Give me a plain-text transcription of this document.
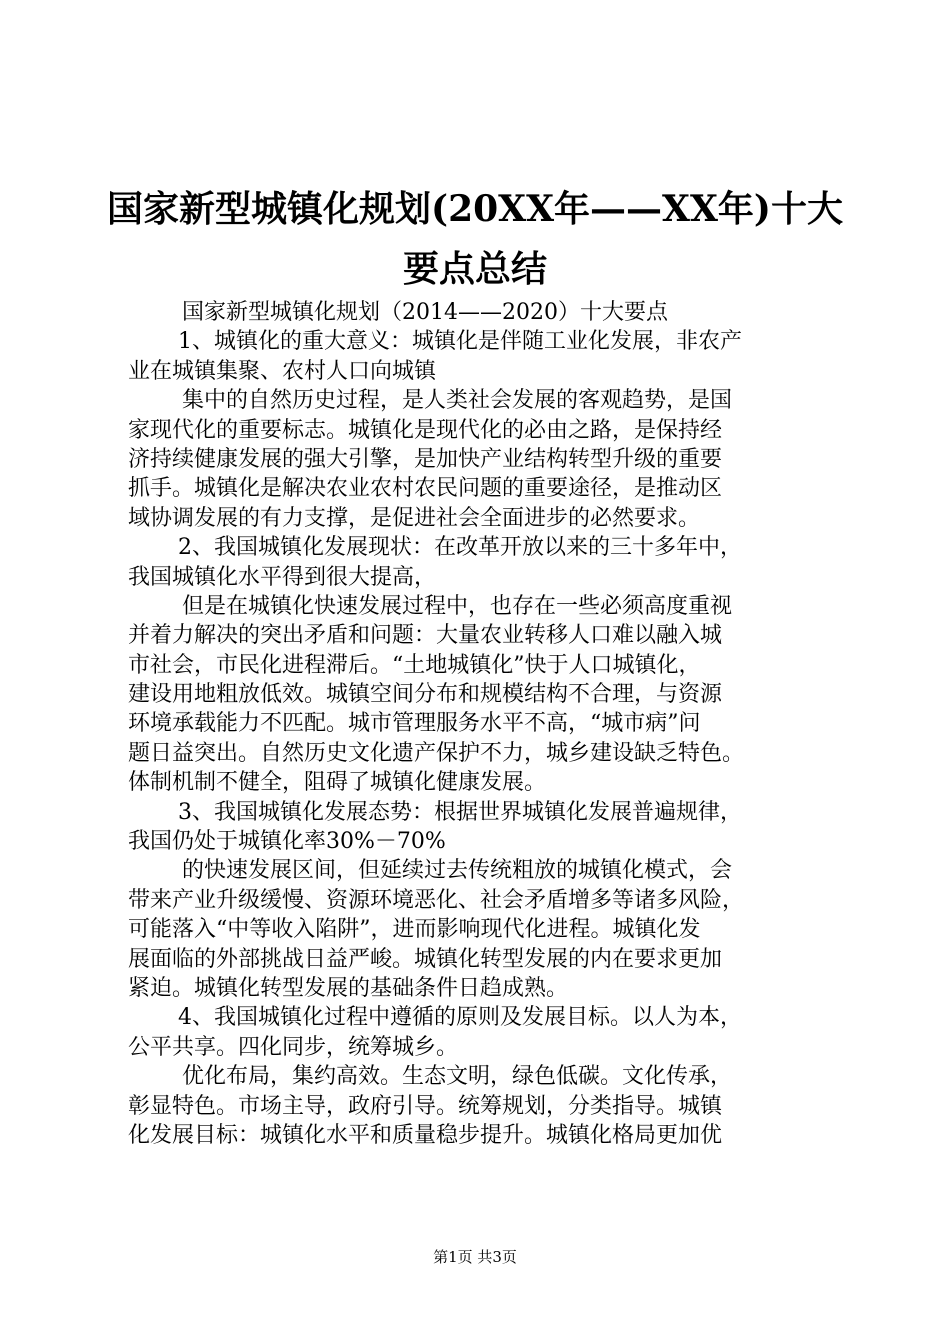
国家新型城镇化规划(20XX年——XX年)十大
要点总结
国家新型城镇化规划（2014——2020）十大要点
1、城镇化的重大意义：城镇化是伴随工业化发展，非农产
业在城镇集聚、农村人口向城镇
集中的自然历史过程，是人类社会发展的客观趋势，是国
家现代化的重要标志。城镇化是现代化的必由之路，是保持经
济持续健康发展的强大引擎，是加快产业结构转型升级的重要
抓手。城镇化是解决农业农村农民问题的重要途径，是推动区
域协调发展的有力支撑，是促进社会全面进步的必然要求。
2、我国城镇化发展现状：在改革开放以来的三十多年中，
我国城镇化水平得到很大提高，
但是在城镇化快速发展过程中，也存在一些必须高度重视
并着力解决的突出矛盾和问题：大量农业转移人口难以融入城
市社会，市民化进程滞后。“土地城镇化”快于人口城镇化，
建设用地粗放低效。城镇空间分布和规模结构不合理，与资源
环境承载能力不匹配。城市管理服务水平不高，“城市病”问
题日益突出。自然历史文化遗产保护不力，城乡建设缺乏特色。
体制机制不健全，阻碍了城镇化健康发展。
3、我国城镇化发展态势：根据世界城镇化发展普遍规律，
我国仍处于城镇化率30%－70%
的快速发展区间，但延续过去传统粗放的城镇化模式，会
带来产业升级缓慢、资源环境恶化、社会矛盾增多等诸多风险，
可能落入“中等收入陷阱”，进而影响现代化进程。城镇化发
展面临的外部挑战日益严峻。城镇化转型发展的内在要求更加
紧迫。城镇化转型发展的基础条件日趋成熟。
4、我国城镇化过程中遵循的原则及发展目标。以人为本，
公平共享。四化同步，统筹城乡。
优化布局，集约高效。生态文明，绿色低碳。文化传承，
彰显特色。市场主导，政府引导。统筹规划，分类指导。城镇
化发展目标：城镇化水平和质量稳步提升。城镇化格局更加优
第1页 共3页
